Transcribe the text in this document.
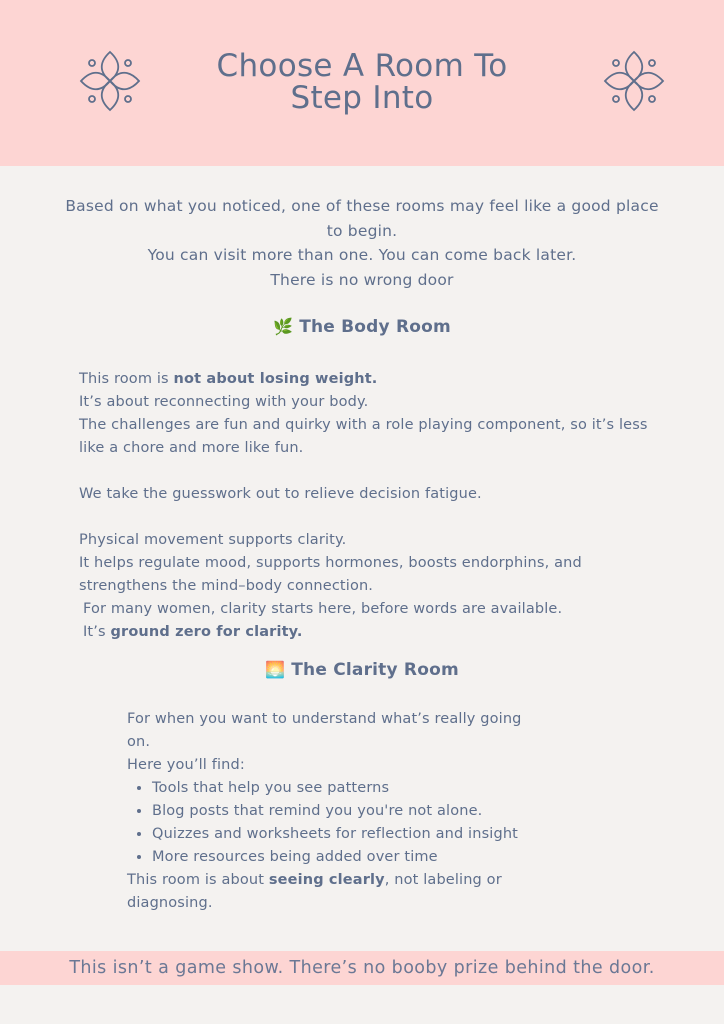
Choose A Room To
Step Into

Based on what you noticed, one of these rooms may feel like a good place to begin.

You can visit more than one. You can come back later.

There is no wrong door

🌿 The Body Room

This room is not about losing weight.

It’s about reconnecting with your body.

The challenges are fun and quirky with a role playing component, so it’s less like a chore and more like fun.

We take the guesswork out to relieve decision fatigue.

Physical movement supports clarity.

It helps regulate mood, supports hormones, boosts endorphins, and strengthens the mind–body connection.

For many women, clarity starts here, before words are available.

It’s ground zero for clarity.

🌅 The Clarity Room

For when you want to understand what’s really going on.

Here you’ll find:

• Tools that help you see patterns
• Blog posts that remind you you're not alone.
• Quizzes and worksheets for reflection and insight
• More resources being added over time

This room is about seeing clearly, not labeling or diagnosing.

This isn’t a game show. There’s no booby prize behind the door.
